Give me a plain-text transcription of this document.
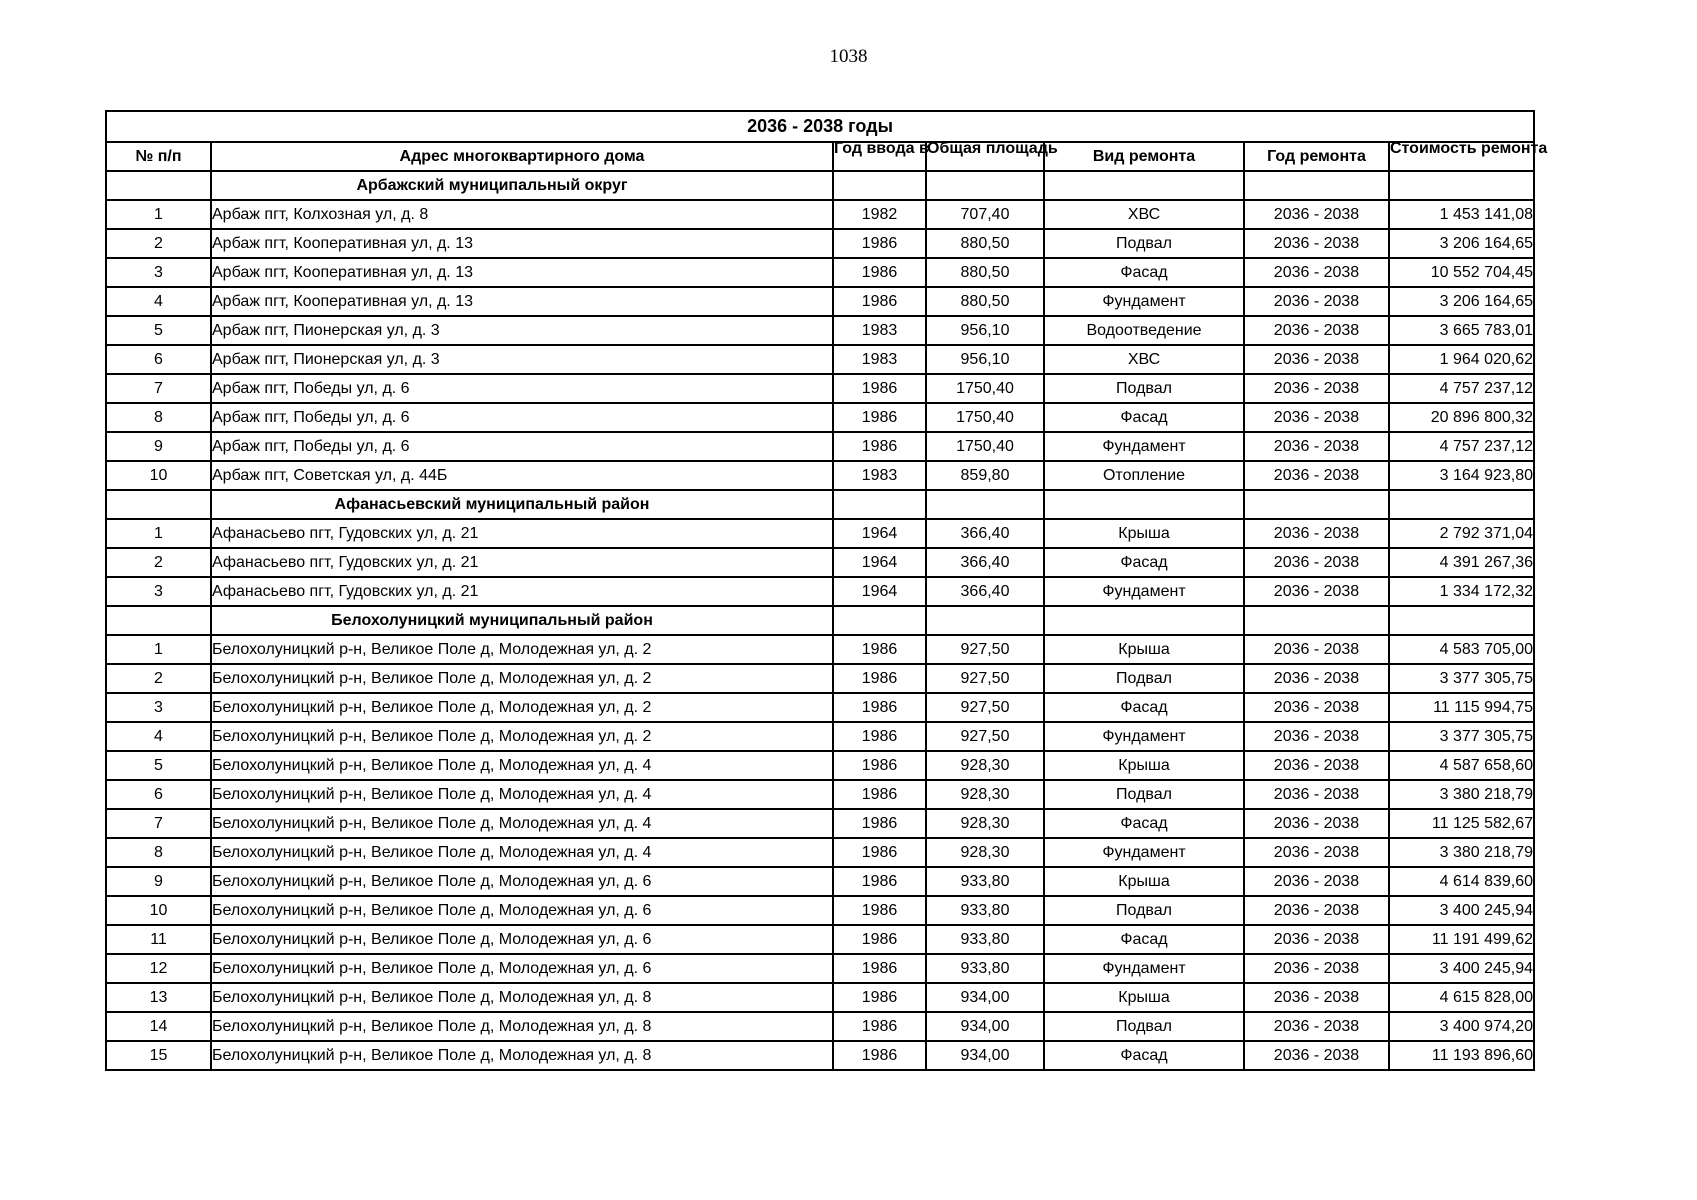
1038
2036 - 2038 годы						
№ п/п	Адрес многоквартирного дома	Год ввода в	Общая площадь	Вид ремонта	Год ремонта	Стоимость ремонта

	Арбажский муниципальный округ					
1	Арбаж пгт, Колхозная ул, д. 8	1982	707,40	ХВС	2036 - 2038	1 453 141,08
2	Арбаж пгт, Кооперативная ул, д. 13	1986	880,50	Подвал	2036 - 2038	3 206 164,65
3	Арбаж пгт, Кооперативная ул, д. 13	1986	880,50	Фасад	2036 - 2038	10 552 704,45
4	Арбаж пгт, Кооперативная ул, д. 13	1986	880,50	Фундамент	2036 - 2038	3 206 164,65
5	Арбаж пгт, Пионерская ул, д. 3	1983	956,10	Водоотведение	2036 - 2038	3 665 783,01
6	Арбаж пгт, Пионерская ул, д. 3	1983	956,10	ХВС	2036 - 2038	1 964 020,62
7	Арбаж пгт, Победы ул, д. 6	1986	1750,40	Подвал	2036 - 2038	4 757 237,12
8	Арбаж пгт, Победы ул, д. 6	1986	1750,40	Фасад	2036 - 2038	20 896 800,32
9	Арбаж пгт, Победы ул, д. 6	1986	1750,40	Фундамент	2036 - 2038	4 757 237,12
10	Арбаж пгт, Советская ул, д. 44Б	1983	859,80	Отопление	2036 - 2038	3 164 923,80
	Афанасьевский муниципальный район					
1	Афанасьево пгт, Гудовских ул, д. 21	1964	366,40	Крыша	2036 - 2038	2 792 371,04
2	Афанасьево пгт, Гудовских ул, д. 21	1964	366,40	Фасад	2036 - 2038	4 391 267,36
3	Афанасьево пгт, Гудовских ул, д. 21	1964	366,40	Фундамент	2036 - 2038	1 334 172,32
	Белохолуницкий муниципальный район					
1	Белохолуницкий р-н, Великое Поле д, Молодежная ул, д. 2	1986	927,50	Крыша	2036 - 2038	4 583 705,00
2	Белохолуницкий р-н, Великое Поле д, Молодежная ул, д. 2	1986	927,50	Подвал	2036 - 2038	3 377 305,75
3	Белохолуницкий р-н, Великое Поле д, Молодежная ул, д. 2	1986	927,50	Фасад	2036 - 2038	11 115 994,75
4	Белохолуницкий р-н, Великое Поле д, Молодежная ул, д. 2	1986	927,50	Фундамент	2036 - 2038	3 377 305,75
5	Белохолуницкий р-н, Великое Поле д, Молодежная ул, д. 4	1986	928,30	Крыша	2036 - 2038	4 587 658,60
6	Белохолуницкий р-н, Великое Поле д, Молодежная ул, д. 4	1986	928,30	Подвал	2036 - 2038	3 380 218,79
7	Белохолуницкий р-н, Великое Поле д, Молодежная ул, д. 4	1986	928,30	Фасад	2036 - 2038	11 125 582,67
8	Белохолуницкий р-н, Великое Поле д, Молодежная ул, д. 4	1986	928,30	Фундамент	2036 - 2038	3 380 218,79
9	Белохолуницкий р-н, Великое Поле д, Молодежная ул, д. 6	1986	933,80	Крыша	2036 - 2038	4 614 839,60
10	Белохолуницкий р-н, Великое Поле д, Молодежная ул, д. 6	1986	933,80	Подвал	2036 - 2038	3 400 245,94
11	Белохолуницкий р-н, Великое Поле д, Молодежная ул, д. 6	1986	933,80	Фасад	2036 - 2038	11 191 499,62
12	Белохолуницкий р-н, Великое Поле д, Молодежная ул, д. 6	1986	933,80	Фундамент	2036 - 2038	3 400 245,94
13	Белохолуницкий р-н, Великое Поле д, Молодежная ул, д. 8	1986	934,00	Крыша	2036 - 2038	4 615 828,00
14	Белохолуницкий р-н, Великое Поле д, Молодежная ул, д. 8	1986	934,00	Подвал	2036 - 2038	3 400 974,20
15	Белохолуницкий р-н, Великое Поле д, Молодежная ул, д. 8	1986	934,00	Фасад	2036 - 2038	11 193 896,60
